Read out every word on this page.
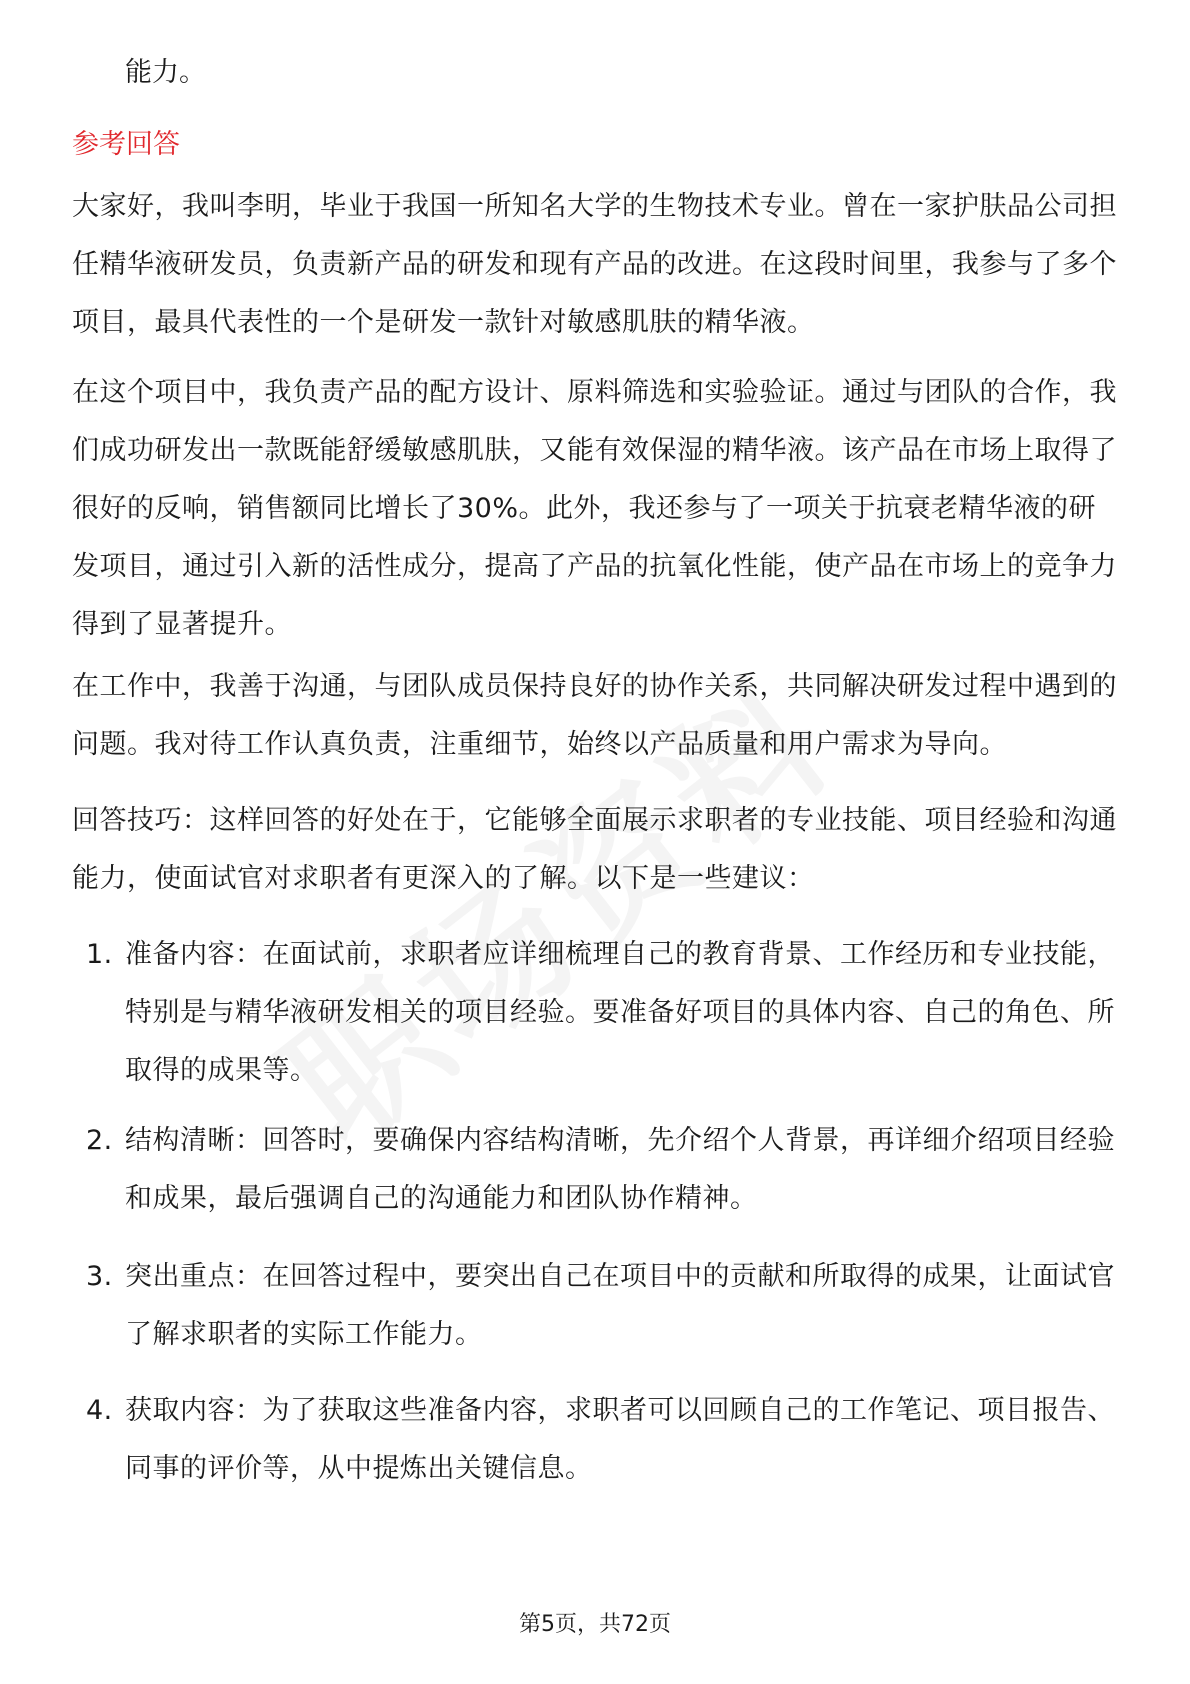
能力。
参考回答
大家好，我叫李明，毕业于我国一所知名大学的生物技术专业。曾在一家护肤品公司担任精华液研发员，负责新产品的研发和现有产品的改进。在这段时间里，我参与了多个项目，最具代表性的一个是研发一款针对敏感肌肤的精华液。
在这个项目中，我负责产品的配方设计、原料筛选和实验验证。通过与团队的合作，我们成功研发出一款既能舒缓敏感肌肤，又能有效保湿的精华液。该产品在市场上取得了很好的反响，销售额同比增长了30%。此外，我还参与了一项关于抗衰老精华液的研发项目，通过引入新的活性成分，提高了产品的抗氧化性能，使产品在市场上的竞争力得到了显著提升。
在工作中，我善于沟通，与团队成员保持良好的协作关系，共同解决研发过程中遇到的问题。我对待工作认真负责，注重细节，始终以产品质量和用户需求为导向。
回答技巧：这样回答的好处在于，它能够全面展示求职者的专业技能、项目经验和沟通能力，使面试官对求职者有更深入的了解。以下是一些建议：
1. 准备内容：在面试前，求职者应详细梳理自己的教育背景、工作经历和专业技能，特别是与精华液研发相关的项目经验。要准备好项目的具体内容、自己的角色、所取得的成果等。
2. 结构清晰：回答时，要确保内容结构清晰，先介绍个人背景，再详细介绍项目经验和成果，最后强调自己的沟通能力和团队协作精神。
3. 突出重点：在回答过程中，要突出自己在项目中的贡献和所取得的成果，让面试官了解求职者的实际工作能力。
4. 获取内容：为了获取这些准备内容，求职者可以回顾自己的工作笔记、项目报告、同事的评价等，从中提炼出关键信息。
第5页，共72页
